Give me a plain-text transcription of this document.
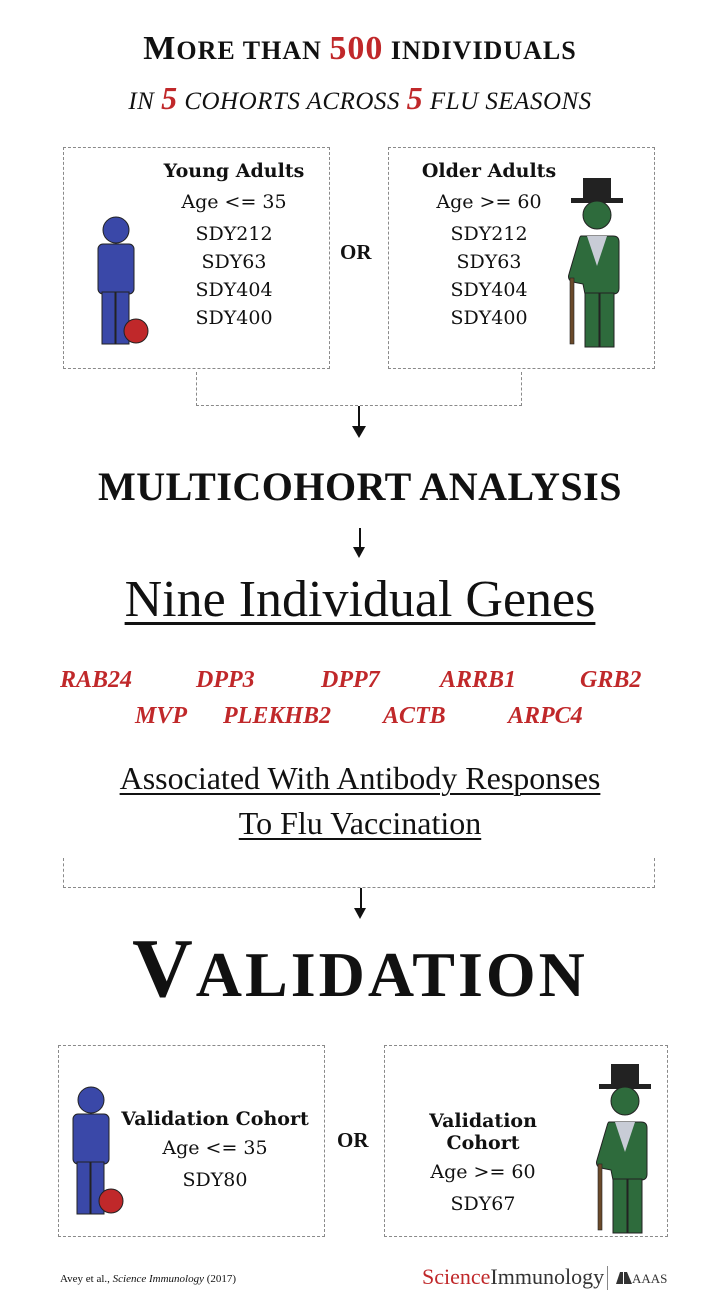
MORE THAN 500 INDIVIDUALS
IN 5 COHORTS ACROSS 5 FLU SEASONS
Young Adults
Age <= 35
SDY212
SDY63
SDY404
SDY400
OR
Older Adults
Age >= 60
SDY212
SDY63
SDY404
SDY400
MULTICOHORT ANALYSIS
Nine Individual Genes
RAB24	DPP3	DPP7	ARRB1	GRB2
MVP PLEKHB2 ACTB	ARPC4
Associated With Antibody Responses
To Flu Vaccination
VALIDATION
Validation Cohort
Age <= 35
SDY80
OR
Validation Cohort
Age >= 60
SDY67
Avey et al., Science Immunology (2017)	ScienceImmunology	AAAS
